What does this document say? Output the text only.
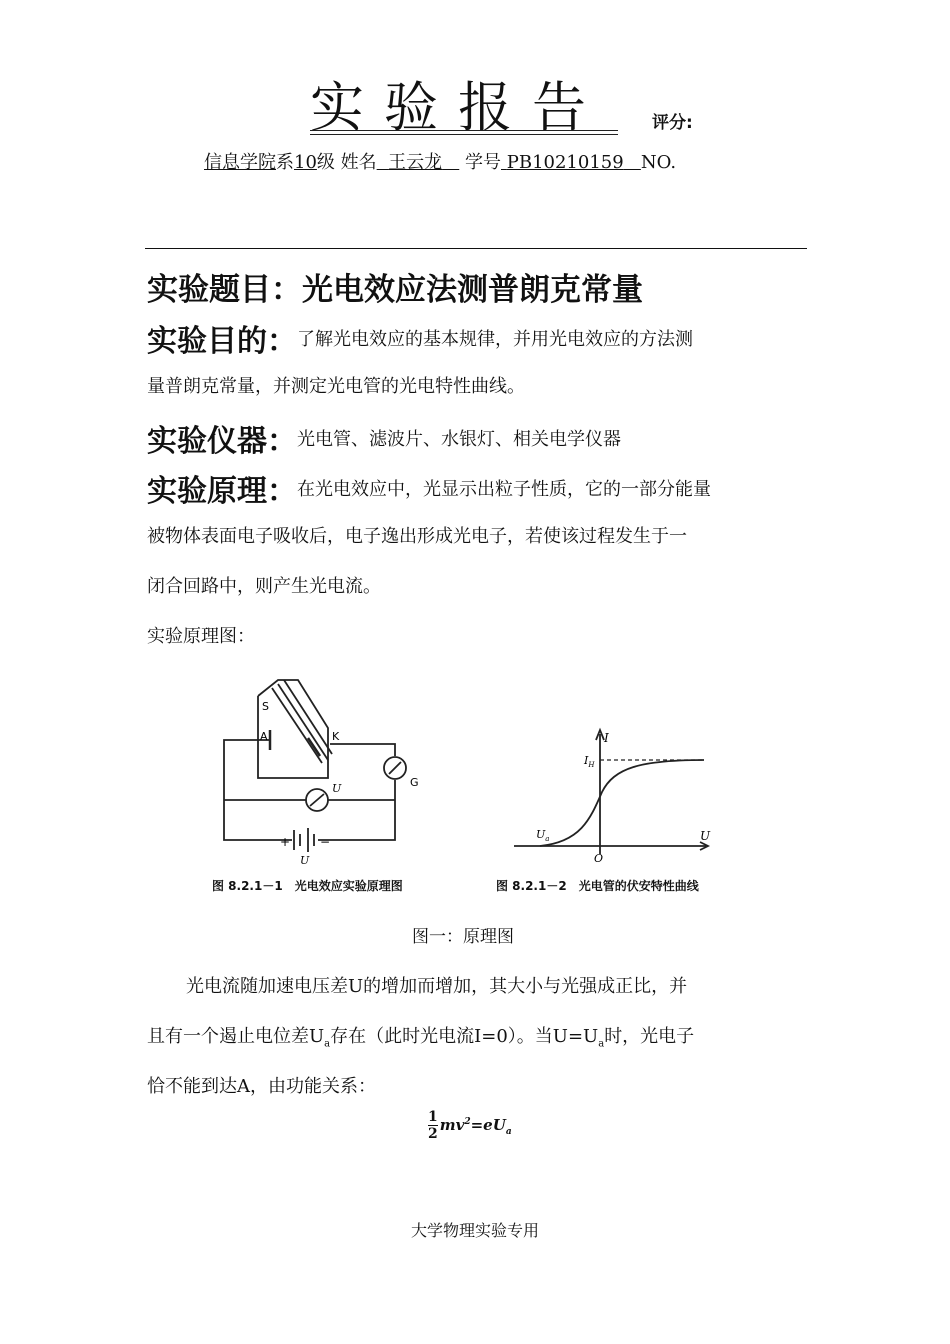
实验报告	评分:
信息学院系10级 姓名 王云龙 学号 PB10210159 NO.
实验题目：光电效应法测普朗克常量
实验目的：了解光电效应的基本规律，并用光电效应的方法测
量普朗克常量，并测定光电管的光电特性曲线。
实验仪器：光电管、滤波片、水银灯、相关电学仪器
实验原理：在光电效应中，光显示出粒子性质，它的一部分能量
被物体表面电子吸收后，电子逸出形成光电子，若使该过程发生于一
闭合回路中，则产生光电流。
实验原理图：
S
A	K
G
U
+ −
U
I
$I_H$
$U_a$
O
U
图 8.2.1－1　光电效应实验原理图	图 8.2.1－2　光电管的伏安特性曲线
图一：原理图
光电流随加速电压差U的增加而增加，其大小与光强成正比，并
且有一个遏止电位差$U_a$存在（此时光电流I=0）。当$U=U_a$时，光电子
恰不能到达A，由功能关系：
1
2
	$mv^2=eU_a$
大学物理实验专用
